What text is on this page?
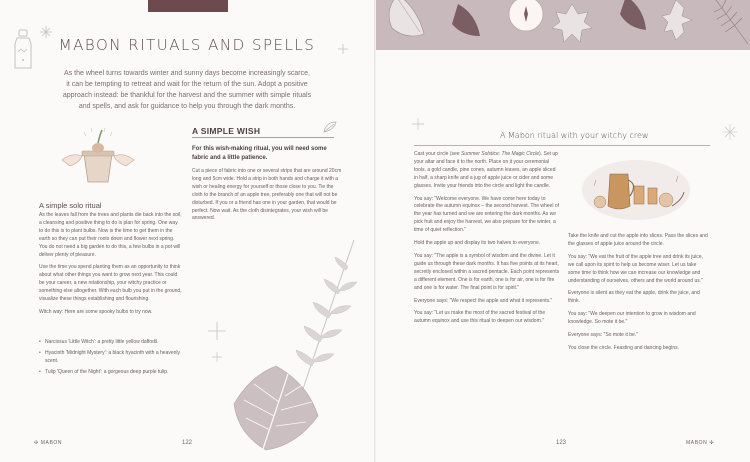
MABON RITUALS AND SPELLS
As the wheel turns towards winter and sunny days become increasingly scarce, it can be tempting to retreat and wait for the return of the sun. Adopt a positive approach instead: be thankful for the harvest and the summer with simple rituals and spells, and ask for guidance to help you through the dark months.
A simple solo ritual

As the leaves fall from the trees and plants die back into the soil, a cleansing and positive thing to do is plan for spring. One way to do this is to plant bulbs. Now is the time to get them in the earth so they can put their roots down and flower next spring. You do not need a big garden to do this, a few bulbs in a pot will deliver plenty of pleasure.

Use the time you spend planting them as an opportunity to think about what other things you want to grow next year. This could be your career, a new relationship, your witchy practice or something else altogether. With each bulb you put in the ground, visualize these things establishing and flourishing.

Witch way: Here are some spooky bulbs to try now.

• Narcissus 'Little Witch': a pretty little yellow daffodil.
• Hyacinth 'Midnight Mystery': a black hyacinth with a heavenly scent.
• Tulip 'Queen of the Night': a gorgeous deep purple tulip.
A SIMPLE WISH
For this wish-making ritual, you will need some fabric and a little patience.
Cut a piece of fabric into one or several strips that are around 20cm long and 5cm wide. Hold a strip in both hands and charge it with a wish or healing energy for yourself or those close to you. Tie the cloth to the branch of an apple tree, preferably one that will not be disturbed. If you or a friend has one in your garden, that would be perfect. Now wait. As the cloth disintegrates, your wish will be answered.
✣ MABON	122
A Mabon ritual with your witchy crew

Cast your circle (see Summer Solstice: The Magic Circle). Set up your altar and face it to the north. Place on it your ceremonial tools, a gold candle, pine cones, autumn leaves, an apple sliced in half, a sharp knife and a jug of apple juice or cider and some glasses. Invite your friends into the circle and light the candle.

You say: "Welcome everyone. We have come here today to celebrate the autumn equinox – the second harvest. The wheel of the year has turned and we are entering the dark months. As we pick fruit and enjoy the harvest, we also prepare for the winter, a time of quiet reflection."

Hold the apple up and display its two halves to everyone.

You say: "The apple is a symbol of wisdom and the divine. Let it guide us through these dark months. It has five points at its heart, secretly enclosed within a sacred pentacle. Each point represents a different element. One is for earth, one is for air, one is for fire and one is for water. The final point is for spirit."

Everyone says: "We respect the apple and what it represents."

You say: "Let us make the most of the sacred festival of the autumn equinox and use this ritual to deepen our wisdom."

Take the knife and cut the apple into slices. Pass the slices and the glasses of apple juice around the circle.

You say: "We eat the fruit of the apple tree and drink its juice, we call upon its spirit to help us become wiser. Let us take some time to think how we can increase our knowledge and understanding of ourselves, others and the world around us."

Everyone is silent as they eat the apple, drink the juice, and think.

You say: "We deepen our intention to grow in wisdom and knowledge. So mote it be."

Everyone says: "So mote it be."

You close the circle. Feasting and dancing begins.

123	MABON ✣
